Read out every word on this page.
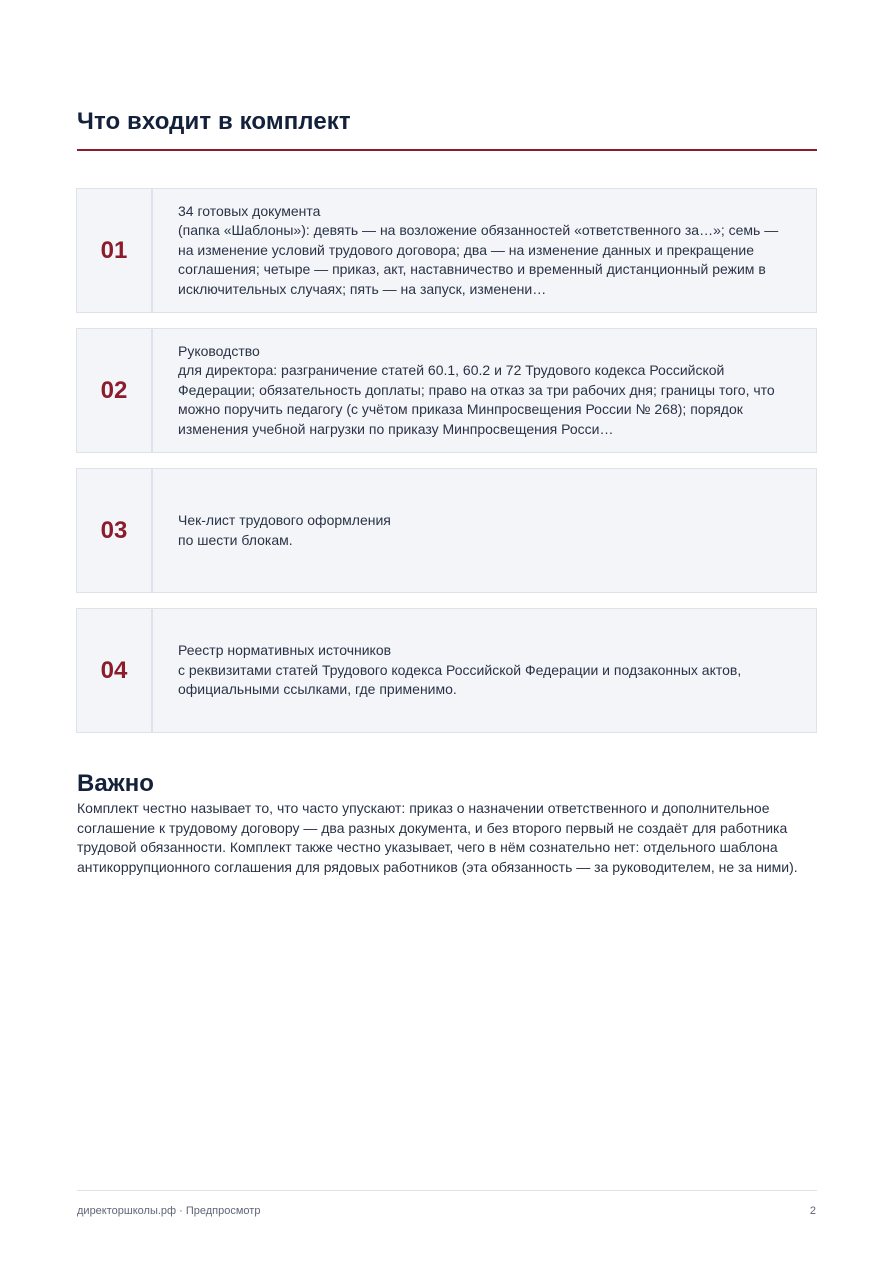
Что входит в комплект
01
34 готовых документа
(папка «Шаблоны»): девять — на возложение обязанностей «ответственного за…»; семь — на изменение условий трудового договора; два — на изменение данных и прекращение соглашения; четыре — приказ, акт, наставничество и временный дистанционный режим в исключительных случаях; пять — на запуск, изменени…
02
Руководство
для директора: разграничение статей 60.1, 60.2 и 72 Трудового кодекса Российской Федерации; обязательность доплаты; право на отказ за три рабочих дня; границы того, что можно поручить педагогу (с учётом приказа Минпросвещения России № 268); порядок изменения учебной нагрузки по приказу Минпросвещения Росси…
03	Чек-лист трудового оформления
по шести блокам.
04
Реестр нормативных источников
с реквизитами статей Трудового кодекса Российской Федерации и подзаконных актов, официальными ссылками, где применимо.
Важно

Комплект честно называет то, что часто упускают: приказ о назначении ответственного и дополнительное соглашение к трудовому договору — два разных документа, и без второго первый не создаёт для работника трудовой обязанности. Комплект также честно указывает, чего в нём сознательно нет: отдельного шаблона антикоррупционного соглашения для рядовых работников (эта обязанность — за руководителем, не за ними).

директоршколы.рф · Предпросмотр	2
